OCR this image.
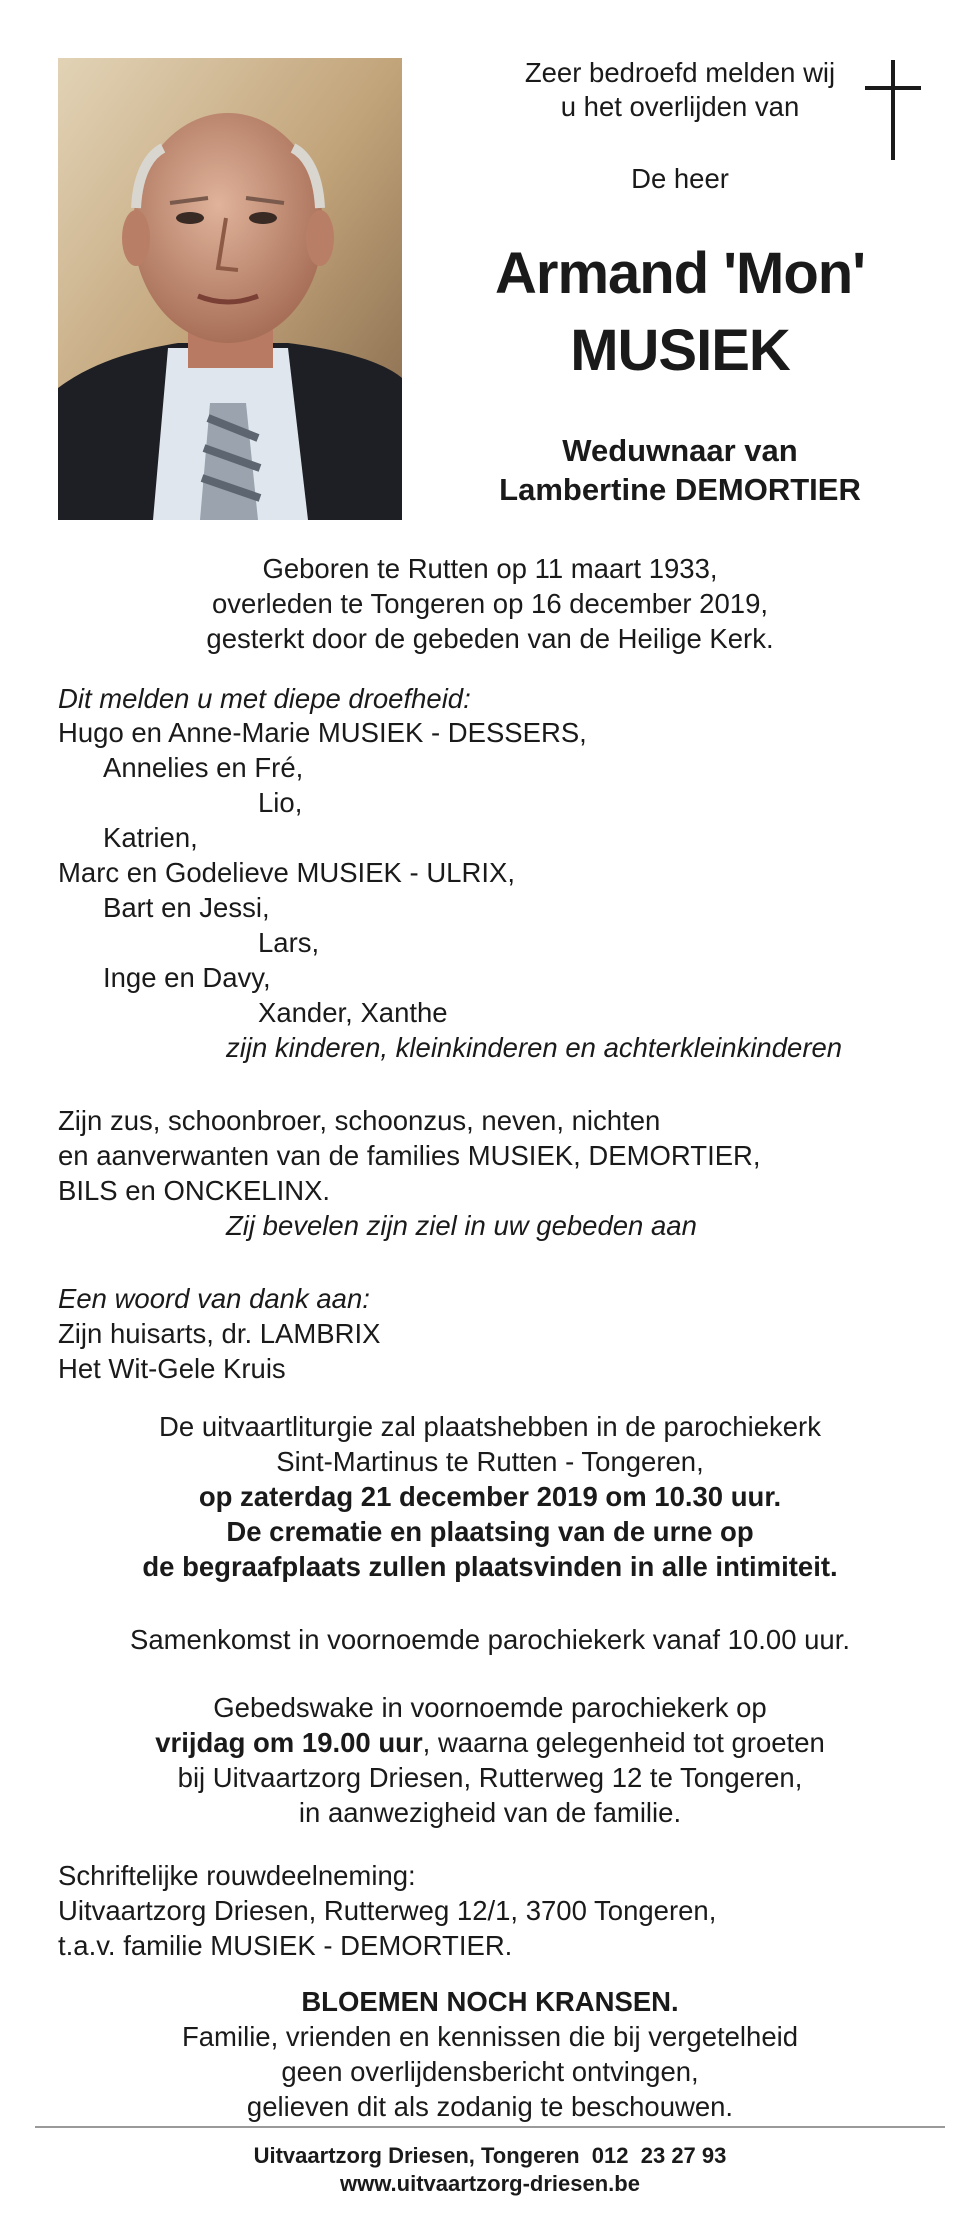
Zeer bedroefd melden wij
u het overlijden van
De heer
Armand 'Mon'
MUSIEK
Weduwnaar van
Lambertine DEMORTIER
Geboren te Rutten op 11 maart 1933,
overleden te Tongeren op 16 december 2019,
gesterkt door de gebeden van de Heilige Kerk.
Dit melden u met diepe droefheid:
Hugo en Anne-Marie MUSIEK - DESSERS,
Annelies en Fré,
Lio,
Katrien,
Marc en Godelieve MUSIEK - ULRIX,
Bart en Jessi,
Lars,
Inge en Davy,
Xander, Xanthe
zijn kinderen, kleinkinderen en achterkleinkinderen
Zijn zus, schoonbroer, schoonzus, neven, nichten
en aanverwanten van de families MUSIEK, DEMORTIER,
BILS en ONCKELINX.
Zij bevelen zijn ziel in uw gebeden aan
Een woord van dank aan:
Zijn huisarts, dr. LAMBRIX
Het Wit-Gele Kruis
De uitvaartliturgie zal plaatshebben in de parochiekerk
Sint-Martinus te Rutten - Tongeren,
op zaterdag 21 december 2019 om 10.30 uur.
De crematie en plaatsing van de urne op
de begraafplaats zullen plaatsvinden in alle intimiteit.
Samenkomst in voornoemde parochiekerk vanaf 10.00 uur.
Gebedswake in voornoemde parochiekerk op
vrijdag om 19.00 uur, waarna gelegenheid tot groeten
bij Uitvaartzorg Driesen, Rutterweg 12 te Tongeren,
in aanwezigheid van de familie.
Schriftelijke rouwdeelneming:
Uitvaartzorg Driesen, Rutterweg 12/1, 3700 Tongeren,
t.a.v. familie MUSIEK - DEMORTIER.
BLOEMEN NOCH KRANSEN.
Familie, vrienden en kennissen die bij vergetelheid
geen overlijdensbericht ontvingen,
gelieven dit als zodanig te beschouwen.
Uitvaartzorg Driesen, Tongeren  012  23 27 93
www.uitvaartzorg-driesen.be
